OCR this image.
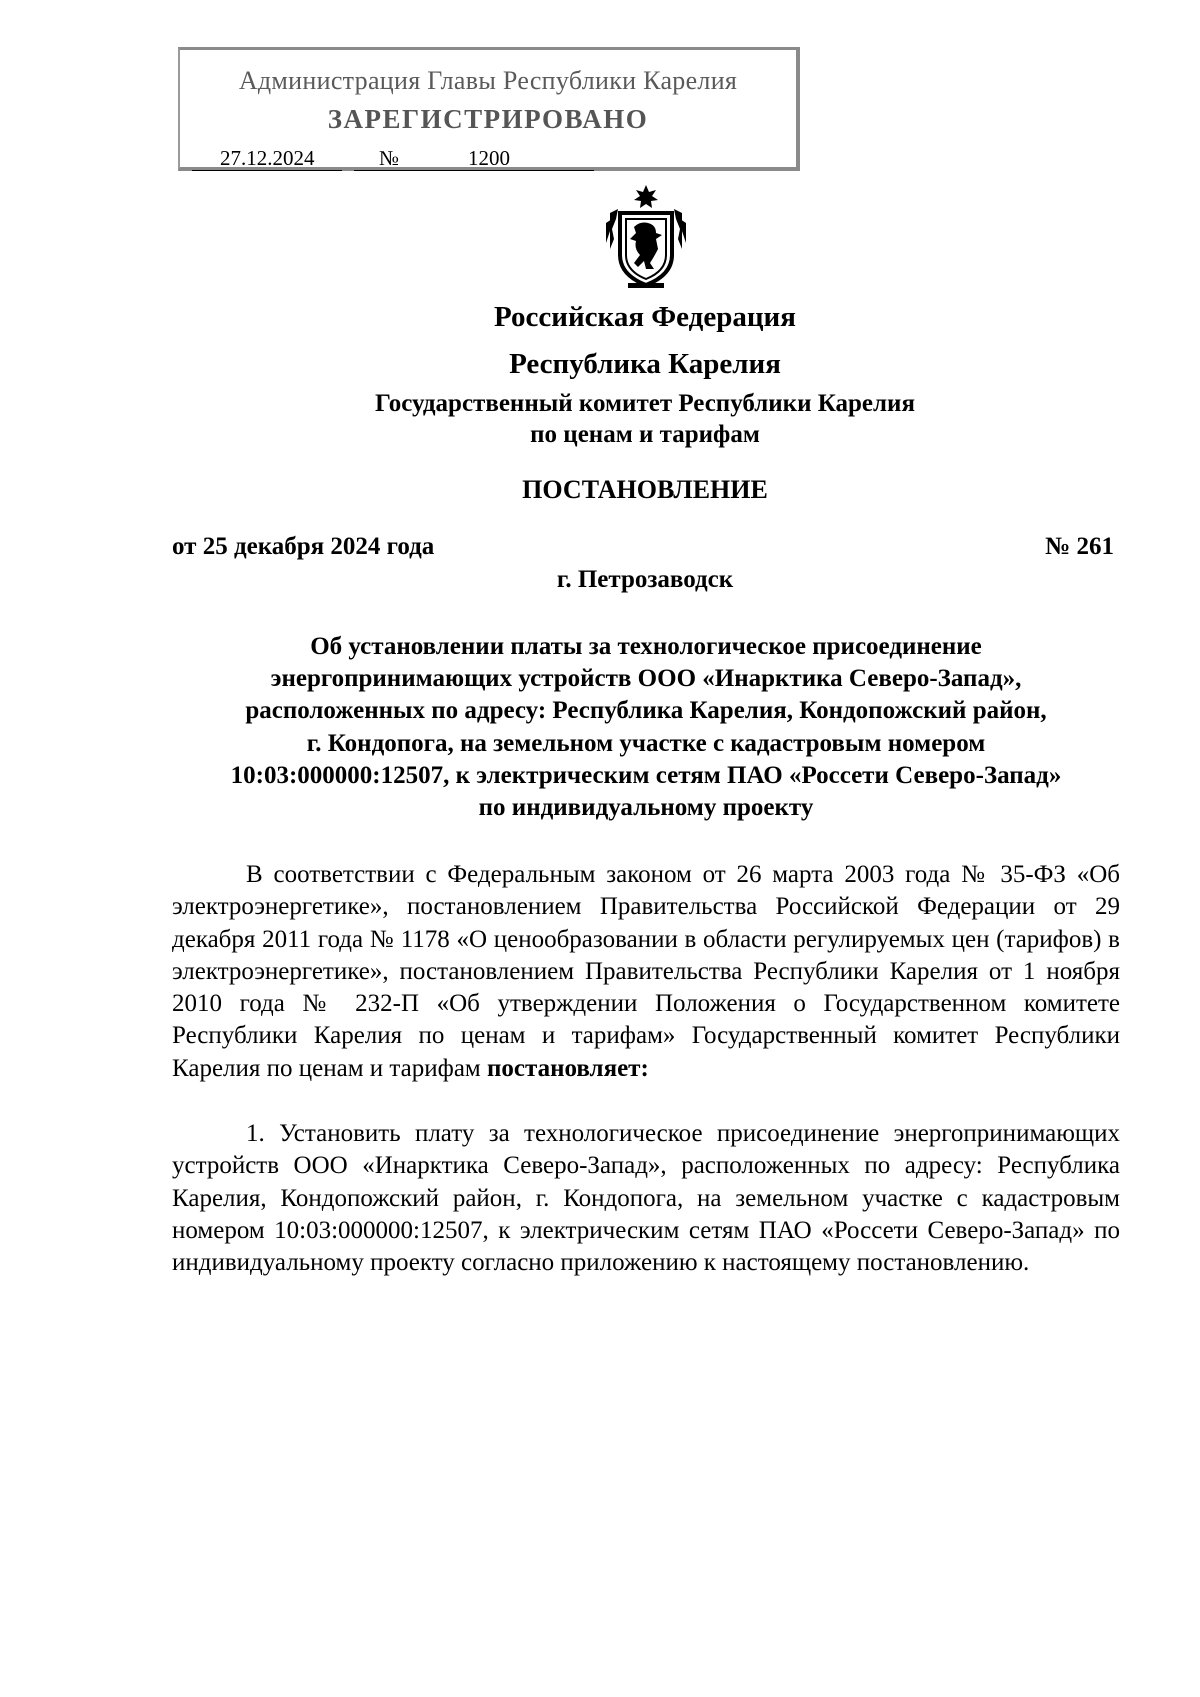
Администрация Главы Республики Карелия
ЗАРЕГИСТРИРОВАНО
27.12.2024	№	1200
Российская Федерация
Республика Карелия
Государственный комитет Республики Карелия
по ценам и тарифам
ПОСТАНОВЛЕНИЕ
от 25 декабря 2024 года	№ 261
г. Петрозаводск
Об установлении платы за технологическое присоединение
энергопринимающих устройств ООО «Инарктика Северо-Запад»,
расположенных по адресу: Республика Карелия, Кондопожский район,
г. Кондопога, на земельном участке с кадастровым номером
10:03:000000:12507, к электрическим сетям ПАО «Россети Северо-Запад»
по индивидуальному проекту
В соответствии с Федеральным законом от 26 марта 2003 года № 35-ФЗ «Об электроэнергетике», постановлением Правительства Российской Федерации от 29 декабря 2011 года № 1178 «О ценообразовании в области регулируемых цен (тарифов) в электроэнергетике», постановлением Правительства Республики Карелия от 1 ноября 2010 года № 232-П «Об утверждении Положения о Государственном комитете Республики Карелия по ценам и тарифам» Государственный комитет Республики Карелия по ценам и тарифам постановляет:
1. Установить плату за технологическое присоединение энергопринимающих устройств ООО «Инарктика Северо-Запад», расположенных по адресу: Республика Карелия, Кондопожский район, г. Кондопога, на земельном участке с кадастровым номером 10:03:000000:12507, к электрическим сетям ПАО «Россети Северо-Запад» по индивидуальному проекту согласно приложению к настоящему постановлению.
